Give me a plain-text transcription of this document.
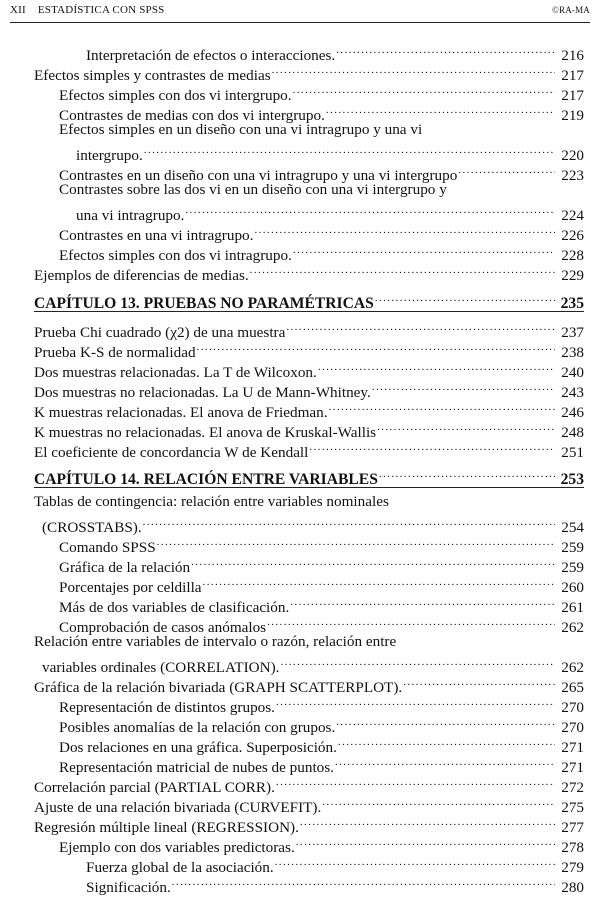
XII ESTADÍSTICA CON SPSS	©RA-MA
Interpretación de efectos o interacciones. .....	216
Efectos simples y contrastes de medias .....	217
Efectos simples con dos vi intergrupo. .....	217
Contrastes de medias con dos vi intergrupo. .....	219
Efectos simples en un diseño con una vi intragrupo y una vi
intergrupo. .....	220
Contrastes en un diseño con una vi intragrupo y una vi intergrupo .....	223
Contrastes sobre las dos vi en un diseño con una vi intergrupo y
una vi intragrupo. .....	224
Contrastes en una vi intragrupo. .....	226
Efectos simples con dos vi intragrupo. .....	228
Ejemplos de diferencias de medias. .....	229
CAPÍTULO 13. PRUEBAS NO PARAMÉTRICAS .....	235
Prueba Chi cuadrado (χ2) de una muestra .....	237
Prueba K-S de normalidad .....	238
Dos muestras relacionadas. La T de Wilcoxon. .....	240
Dos muestras no relacionadas. La U de Mann-Whitney. .....	243
K muestras relacionadas. El anova de Friedman. .....	246
K muestras no relacionadas. El anova de Kruskal-Wallis .....	248
El coeficiente de concordancia W de Kendall .....	251
CAPÍTULO 14. RELACIÓN ENTRE VARIABLES .....	253
Tablas de contingencia: relación entre variables nominales
(CROSSTABS). .....	254
Comando SPSS .....	259
Gráfica de la relación .....	259
Porcentajes por celdilla .....	260
Más de dos variables de clasificación. .....	261
Comprobación de casos anómalos .....	262
Relación entre variables de intervalo o razón, relación entre
variables ordinales (CORRELATION). .....	262
Gráfica de la relación bivariada (GRAPH SCATTERPLOT). .....	265
Representación de distintos grupos. .....	270
Posibles anomalías de la relación con grupos. .....	270
Dos relaciones en una gráfica. Superposición. .....	271
Representación matricial de nubes de puntos. .....	271
Correlación parcial (PARTIAL CORR). .....	272
Ajuste de una relación bivariada (CURVEFIT). .....	275
Regresión múltiple lineal (REGRESSION). .....	277
Ejemplo con dos variables predictoras. .....	278
Fuerza global de la asociación. .....	279
Significación. .....	280
